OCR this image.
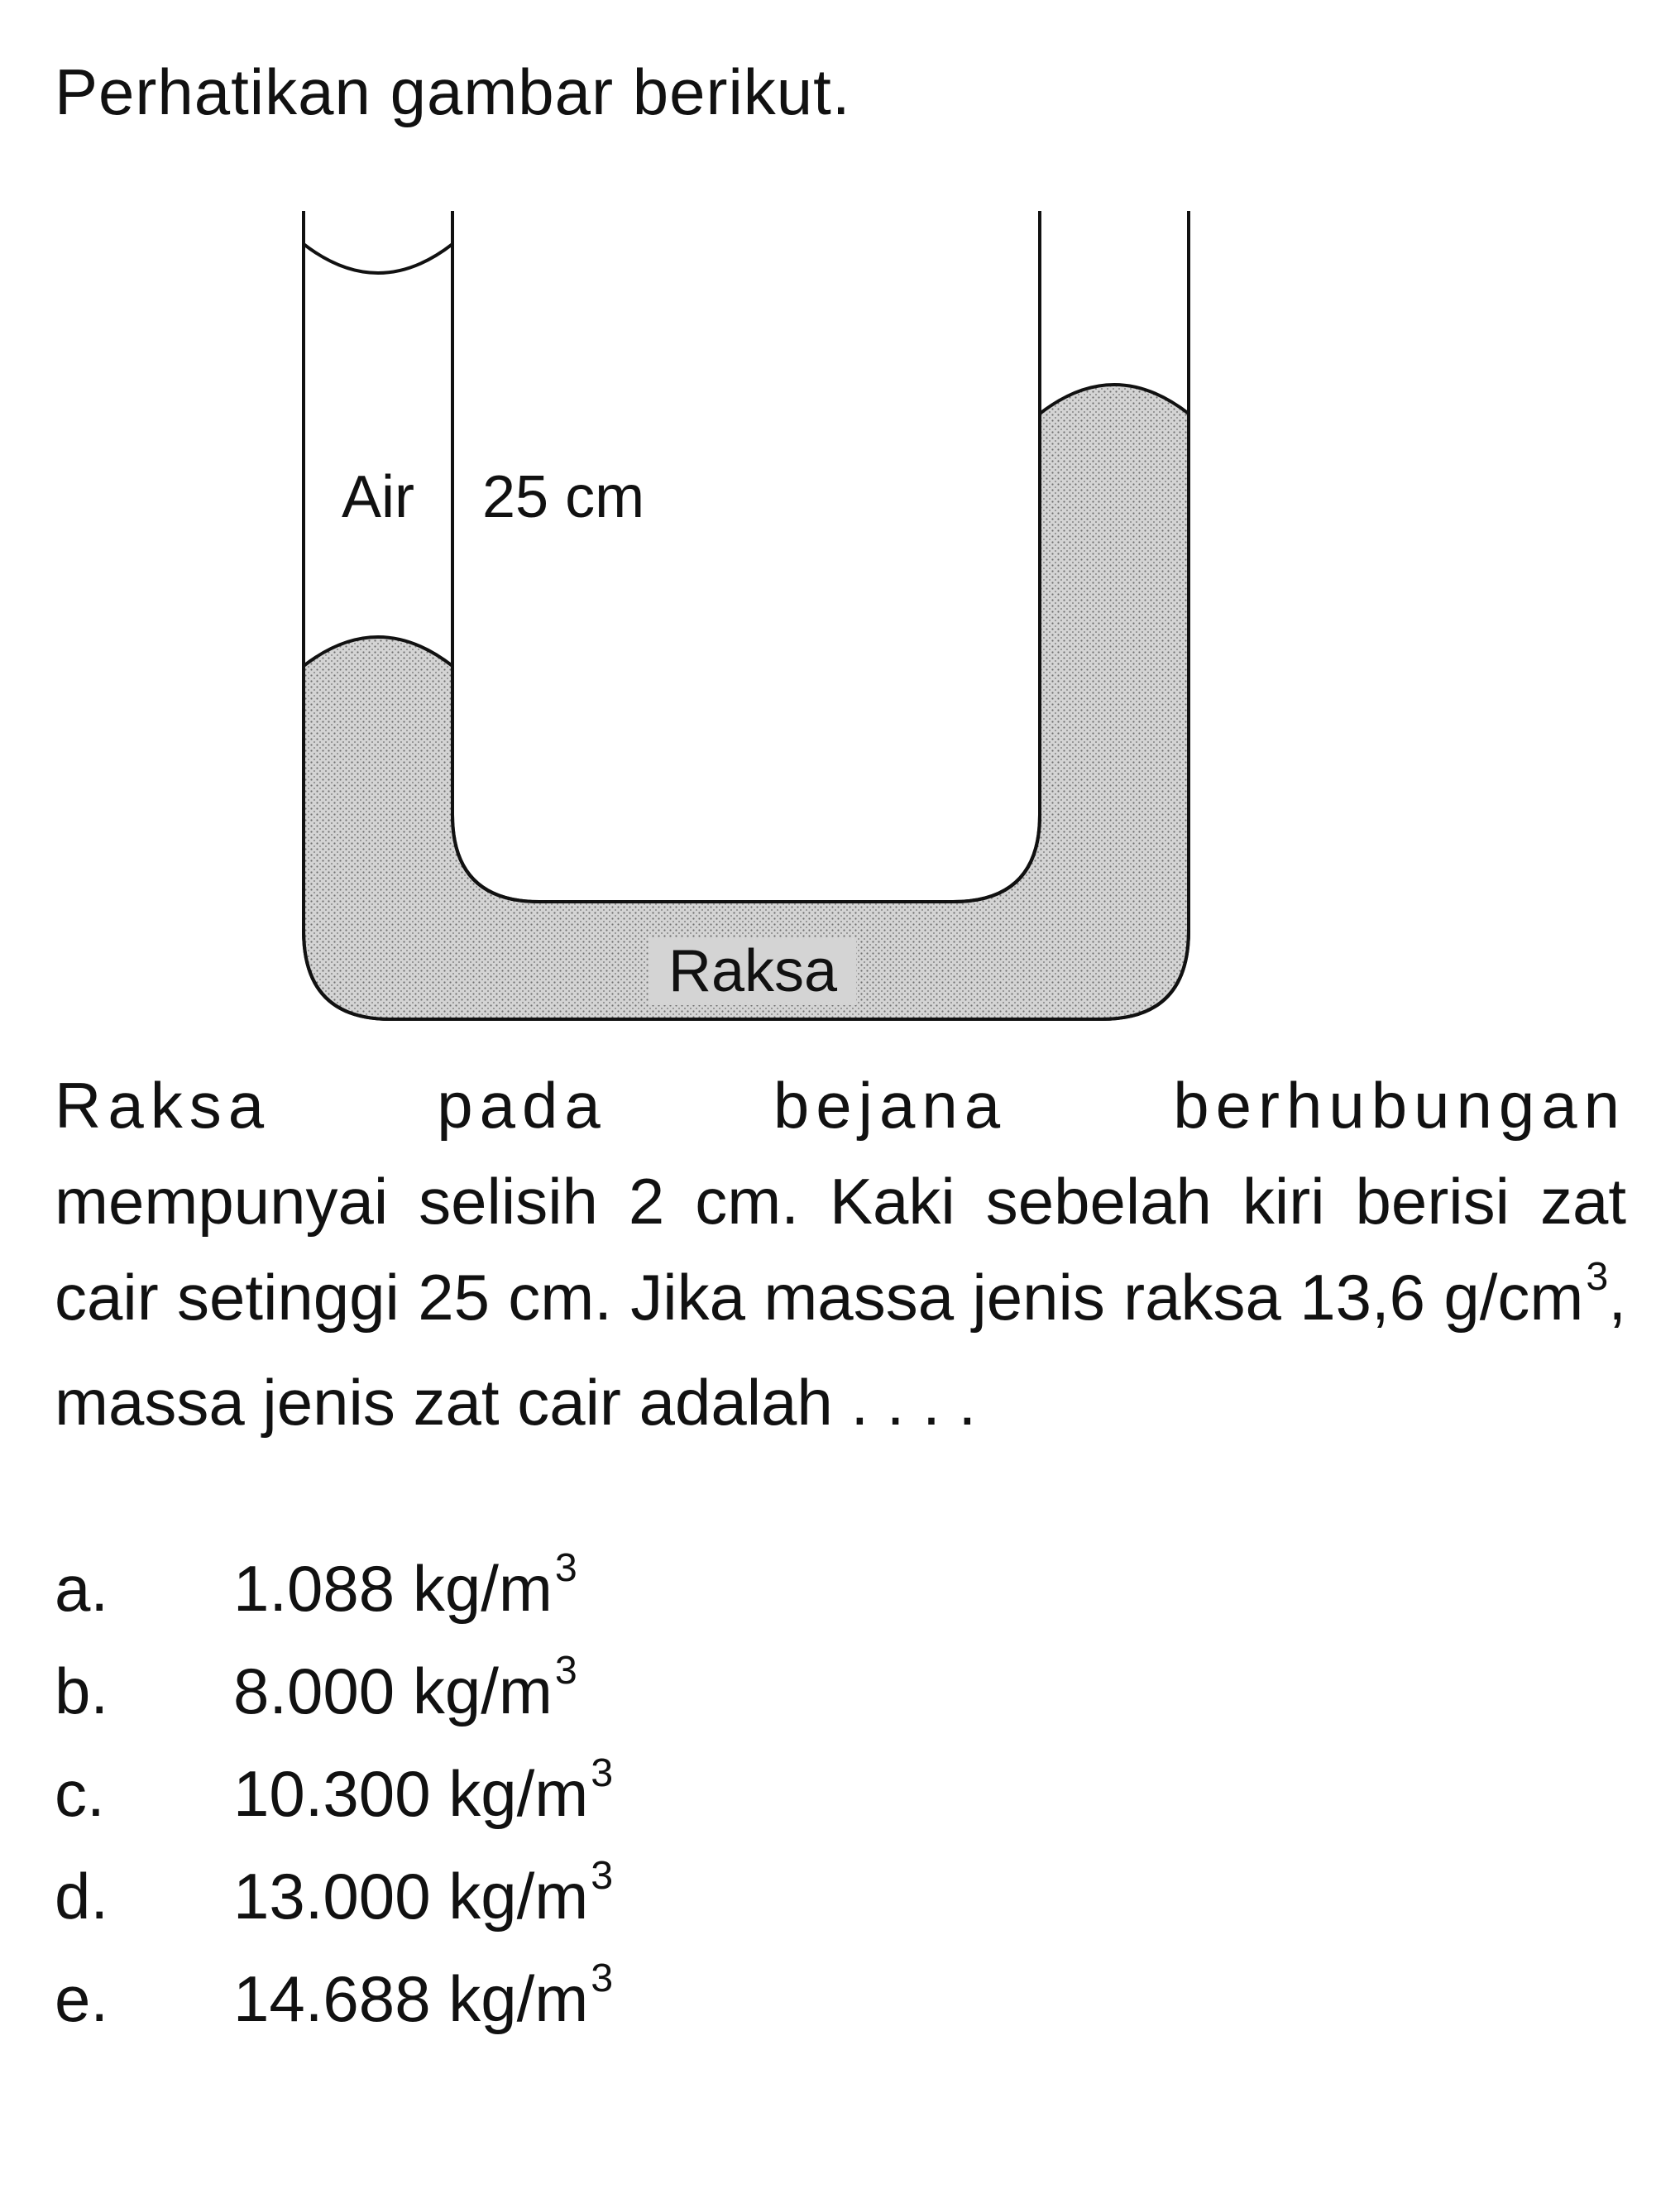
Perhatikan gambar berikut.

Air 25 cm
Raksa

Raksa pada bejana berhubungan mempunyai selisih 2 cm. Kaki sebelah kiri berisi zat cair setinggi 25 cm. Jika massa jenis raksa 13,6 $g/cm^3$, massa jenis zat cair adalah . . . .

a. 1.088 $kg/m^3$
b. 8.000 $kg/m^3$
c. 10.300 $kg/m^3$
d. 13.000 $kg/m^3$
e. 14.688 $kg/m^3$
